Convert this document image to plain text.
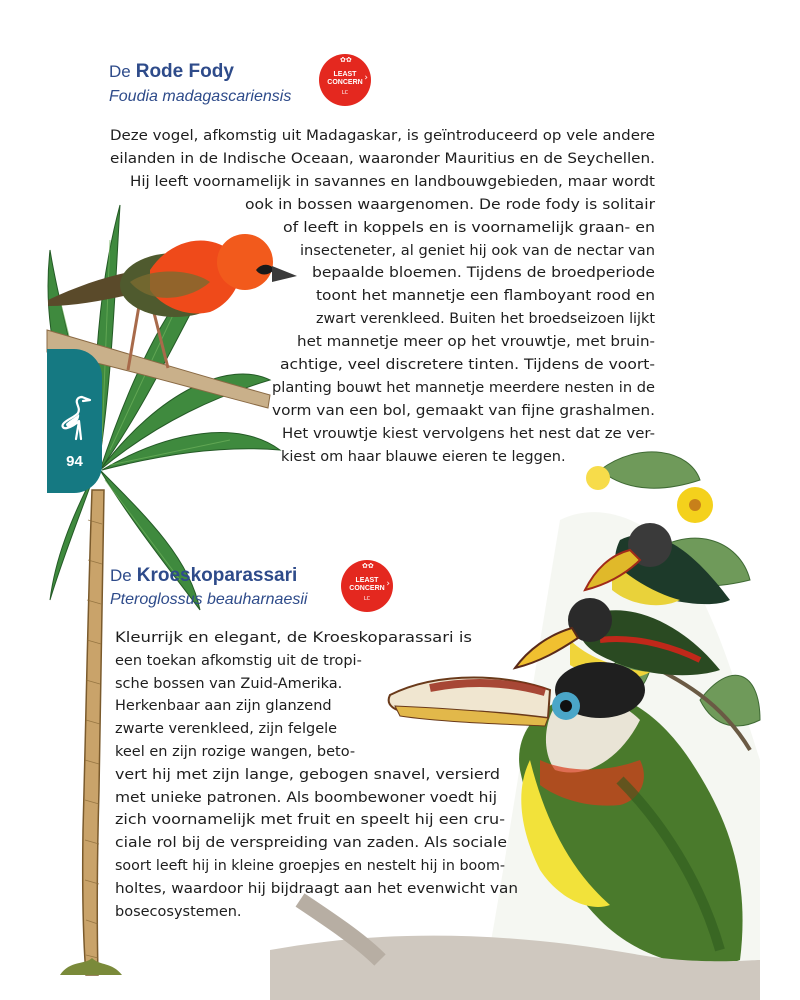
94
De Rode Fody
Foudia madagascariensis
✿✿
LEAST
CONCERN
LC
›
Deze vogel, afkomstig uit Madagaskar, is geïntroduceerd op vele andere
eilanden in de Indische Oceaan, waaronder Mauritius en de Seychellen.
Hij leeft voornamelijk in savannes en landbouwgebieden, maar wordt
ook in bossen waargenomen. De rode fody is solitair
of leeft in koppels en is voornamelijk graan- en
insecteneter, al geniet hij ook van de nectar van
bepaalde bloemen. Tijdens de broedperiode
toont het mannetje een flamboyant rood en
zwart verenkleed. Buiten het broedseizoen lijkt
het mannetje meer op het vrouwtje, met bruin-
achtige, veel discretere tinten. Tijdens de voort-
planting bouwt het mannetje meerdere nesten in de
vorm van een bol, gemaakt van fijne grashalmen.
Het vrouwtje kiest vervolgens het nest dat ze ver-
kiest om haar blauwe eieren te leggen.
De Kroeskoparassari
Pteroglossus beauharnaesii
✿✿
LEAST
CONCERN
LC
›
Kleurrijk en elegant, de Kroeskoparassari is
een toekan afkomstig uit de tropi-
sche bossen van Zuid-Amerika.
Herkenbaar aan zijn glanzend
zwarte verenkleed, zijn felgele
keel en zijn rozige wangen, beto-
vert hij met zijn lange, gebogen snavel, versierd
met unieke patronen. Als boombewoner voedt hij
zich voornamelijk met fruit en speelt hij een cru-
ciale rol bij de verspreiding van zaden. Als sociale
soort leeft hij in kleine groepjes en nestelt hij in boom-
holtes, waardoor hij bijdraagt aan het evenwicht van
bosecosystemen.
